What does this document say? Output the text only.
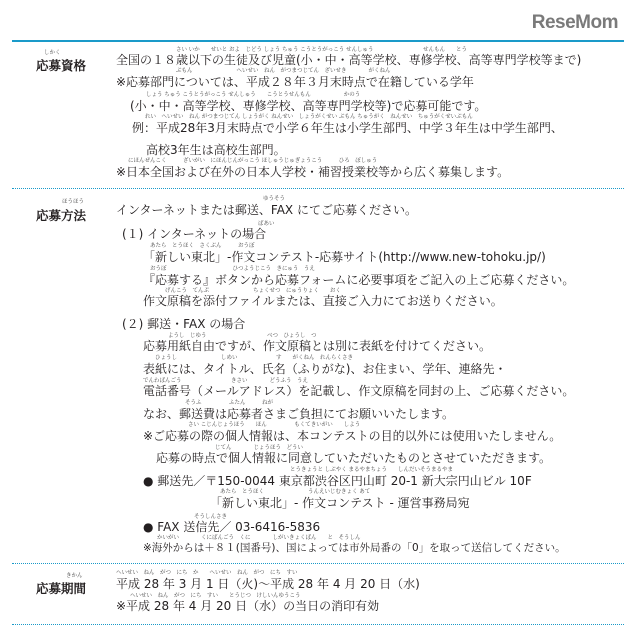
ReseMom
しかく
応募資格
さい いか　　せいと およ　じどう しょう ちゅう こうとうがっこう せんしゅう　　　　　　　　　せんもん　　とう
全国の１８歳以下の生徒及び児童(小・中・高等学校、専修学校、高等専門学校等まで)
ぶもん　　　　　　　　へいせい　ねん　がつまつじてん　ざいせき　　　　がくねん
※応募部門については、平成２８年３月末時点で在籍している学年
しょう ちゅう こうとうがっこう せんしゅう　　こうとうせんもん　　　　　　かのう
(小・中・高等学校、専修学校、高等専門学校等)で応募可能です。
れい　へいせい　ねん がつまつじてん しょうがく ねんせい　しょうがくせい ぶもん ちゅうがく　ねんせい　ちゅうがくせいぶもん
例：平成28年3月末時点で小学６年生は小学生部門、中学３年生は中学生部門、
高校3年生は高校生部門。
にほんぜんこく　　　ざいがい　にほんじんがっこう ほしゅうじゅぎょうこう　　　ひろ　ぼしゅう
※日本全国および在外の日本人学校・補習授業校等から広く募集します。
ほうほう
応募方法
ゆうそう
インターネットまたは郵送、FAX にてご応募ください。
ばあい
(１) インターネットの場合
あたら　とうほく　さくぶん　　　おうぼ
「新しい東北」-作文コンテスト-応募サイト(http://www.new-tohoku.jp/)
おうぼ　　　　　　　　　　　　ひつようじこう　きにゅう　うえ
『応募する』ボタンから応募フォームに必要事項をご記入の上ご応募ください。
げんこう　てんぷ　　　　　　　　ちょくせつ　にゅうりょく　　おく
作文原稿を添付ファイルまたは、直接ご入力にてお送りください。
(２) 郵送・FAX の場合
ようし　じゆう　　　　　　　　　　　べつ　ひょうし　つ
応募用紙自由ですが、作文原稿とは別に表紙を付けてください。
ひょうし　　　　　　　　しめい　　　　　　　す　　がくねん　れんらくさき
表紙には、タイトル、氏名（ふりがな)、お住まい、学年、連絡先・
でんわばんごう　　　　　　　　　きさい　　　　どうふう　うえ
電話番号（メールアドレス）を記載し、作文原稿を同封の上、ご応募ください。
そうふ　　　　　ふたん　　　ねが
なお、郵送費は応募者さまご負担にてお願いいたします。
さい こじんじょうほう　　ほん　　　　　もくてきいがい　　しよう
※ご応募の際の個人情報は、本コンテストの目的以外には使用いたしません。
じてん　　　　じょうほう　どうい
応募の時点で個人情報に同意していただいたものとさせていただきます。
とうきょうと しぶやく まるやまちょう　　しんだいそうまるやま
● 郵送先／〒150-0044 東京都渋谷区円山町 20-1 新大宗円山ビル 10F
あたら　とうほく　　　　　　　　うんえいじむきょく あて
「新しい東北」- 作文コンテスト - 運営事務局宛
そうしんさき
● FAX 送信先／ 03-6416-5836
かいがい　　　　くにばんごう　くに　　　　しがいきょくばん　　と　そうしん
※海外からは＋８１(国番号)、国によっては市外局番の「0」を取って送信してください。
きかん
応募期間
へいせい　ねん　がつ　にち　か　　へいせい　ねん　がつ　にち　すい
平成 28 年 3 月 1 日（火)〜平成 28 年 4 月 20 日（水)
へいせい　ねん　がつ　にち　すい　　とうじつ　けしいんゆうこう
※平成 28 年 4 月 20 日（水）の当日の消印有効
